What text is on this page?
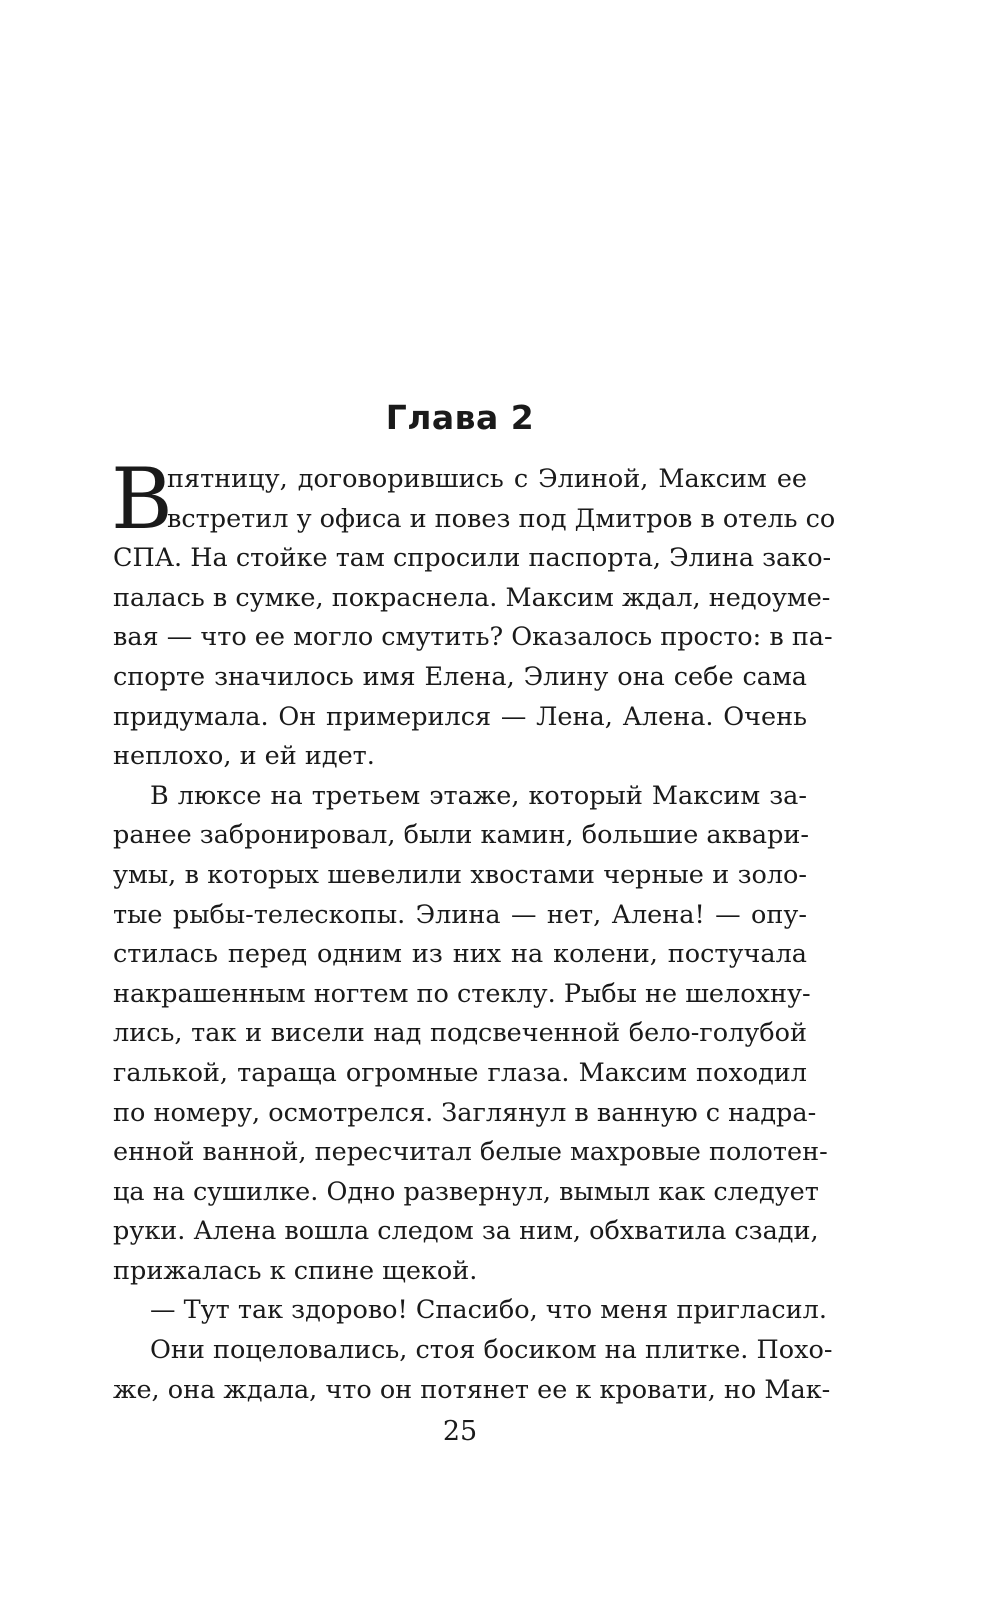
Глава 2
В
пятницу, договорившись с Элиной, Максим ее
встретил у офиса и повез под Дмитров в отель со
СПА. На стойке там спросили паспорта, Элина зако-
палась в сумке, покраснела. Максим ждал, недоуме-
вая — что ее могло смутить? Оказалось просто: в па-
спорте значилось имя Елена, Элину она себе сама
придумала. Он примерился — Лена, Алена. Очень
неплохо, и ей идет.
В люксе на третьем этаже, который Максим за-
ранее забронировал, были камин, большие аквари-
умы, в которых шевелили хвостами черные и золо-
тые рыбы-телескопы. Элина — нет, Алена! — опу-
стилась перед одним из них на колени, постучала
накрашенным ногтем по стеклу. Рыбы не шелохну-
лись, так и висели над подсвеченной бело-голубой
галькой, тараща огромные глаза. Максим походил
по номеру, осмотрелся. Заглянул в ванную с надра-
енной ванной, пересчитал белые махровые полотен-
ца на сушилке. Одно развернул, вымыл как следует
руки. Алена вошла следом за ним, обхватила сзади,
прижалась к спине щекой.
— Тут так здорово! Спасибо, что меня пригласил.
Они поцеловались, стоя босиком на плитке. Похо-
же, она ждала, что он потянет ее к кровати, но Мак-
25
